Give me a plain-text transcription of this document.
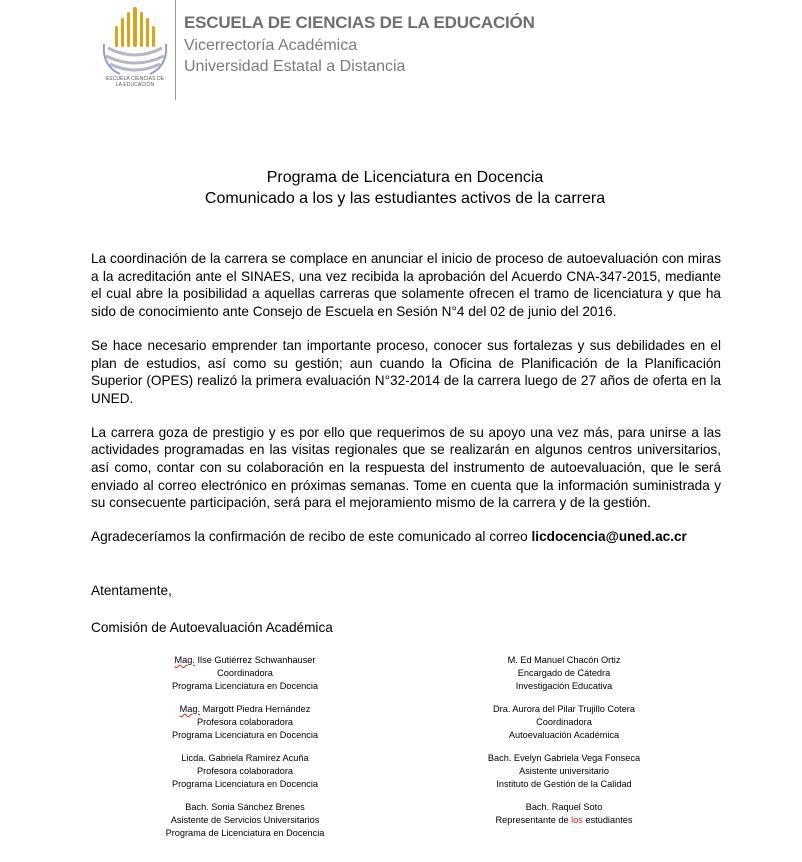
ESCUELA CIENCIAS DE LA EDUCACIÓN
ESCUELA DE CIENCIAS DE LA EDUCACIÓN
Vicerrectoría Académica
Universidad Estatal a Distancia
Programa de Licenciatura en Docencia
Comunicado a los y las estudiantes activos de la carrera

La coordinación de la carrera se complace en anunciar el inicio de proceso de autoevaluación con miras a la acreditación ante el SINAES, una vez recibida la aprobación del Acuerdo CNA-347-2015, mediante el cual abre la posibilidad a aquellas carreras que solamente ofrecen el tramo de licenciatura y que ha sido de conocimiento ante Consejo de Escuela en Sesión N°4 del 02 de junio del 2016.

Se hace necesario emprender tan importante proceso, conocer sus fortalezas y sus debilidades en el plan de estudios, así como su gestión; aun cuando la Oficina de Planificación de la Planificación Superior (OPES) realizó la primera evaluación N°32-2014 de la carrera luego de 27 años de oferta en la UNED.

La carrera goza de prestigio y es por ello que requerimos de su apoyo una vez más, para unirse a las actividades programadas en las visitas regionales que se realizarán en algunos centros universitarios, así como, contar con su colaboración en la respuesta del instrumento de autoevaluación, que le será enviado al correo electrónico en próximas semanas. Tome en cuenta que la información suministrada y su consecuente participación, será para el mejoramiento mismo de la carrera y de la gestión.

Agradeceríamos la confirmación de recibo de este comunicado al correo licdocencia@uned.ac.cr

Atentamente,
Comisión de Autoevaluación Académica
Mag. Ilse Gutiérrez Schwanhauser
Coordinadora
Programa Licenciatura en Docencia
Mag. Margott Piedra Hernández
Profesora colaboradora
Programa Licenciatura en Docencia
Licda. Gabriela Ramírez Acuña
Profesora colaboradora
Programa Licenciatura en Docencia
Bach. Sonia Sánchez Brenes
Asistente de Servicios Universitarios
Programa de Licenciatura en Docencia
M. Ed Manuel Chacón Ortiz
Encargado de Cátedra
Investigación Educativa
Dra. Aurora del Pilar Trujillo Cotera
Coordinadora
Autoevaluación Académica
Bach. Evelyn Gabriela Vega Fonseca
Asistente universitario
Instituto de Gestión de la Calidad
Bach. Raquel Soto
Representante de los estudiantes
